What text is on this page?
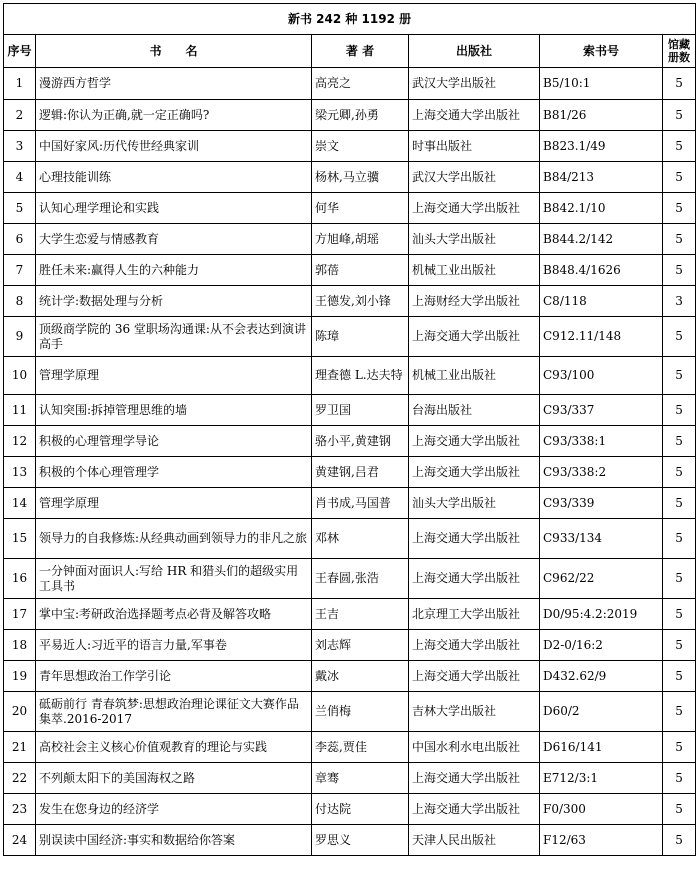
新书 242 种 1192 册					
序号	书　　名	著 者	出版社	索书号	馆藏册数
1	漫游西方哲学	高亮之	武汉大学出版社	B5/10:1	5
2	逻辑:你认为正确,就一定正确吗?	梁元卿,孙勇	上海交通大学出版社	B81/26	5
3	中国好家风:历代传世经典家训	崇文	时事出版社	B823.1/49	5
4	心理技能训练	杨林,马立骥	武汉大学出版社	B84/213	5
5	认知心理学理论和实践	何华	上海交通大学出版社	B842.1/10	5
6	大学生恋爱与情感教育	方旭峰,胡瑶	汕头大学出版社	B844.2/142	5
7	胜任未来:赢得人生的六种能力	郭蓓	机械工业出版社	B848.4/1626	5
8	统计学:数据处理与分析	王德发,刘小锋	上海财经大学出版社	C8/118	3
9	顶级商学院的 36 堂职场沟通课:从不会表达到演讲高手	陈璋	上海交通大学出版社	C912.11/148	5
10	管理学原理	理查德 L.达夫特	机械工业出版社	C93/100	5
11	认知突围:拆掉管理思维的墙	罗卫国	台海出版社	C93/337	5
12	积极的心理管理学导论	骆小平,黄建钢	上海交通大学出版社	C93/338:1	5
13	积极的个体心理管理学	黄建钢,吕君	上海交通大学出版社	C93/338:2	5
14	管理学原理	肖书成,马国普	汕头大学出版社	C93/339	5
15	领导力的自我修炼:从经典动画到领导力的非凡之旅	邓林	上海交通大学出版社	C933/134	5
16	一分钟面对面识人:写给 HR 和猎头们的超级实用工具书	王春圆,张浩	上海交通大学出版社	C962/22	5
17	掌中宝:考研政治选择题考点必背及解答攻略	王吉	北京理工大学出版社	D0/95:4.2:2019	5
18	平易近人:习近平的语言力量,军事卷	刘志辉	上海交通大学出版社	D2-0/16:2	5
19	青年思想政治工作学引论	戴冰	上海交通大学出版社	D432.62/9	5
20	砥砺前行 青春筑梦:思想政治理论课征文大赛作品集萃.2016-2017	兰俏梅	吉林大学出版社	D60/2	5
21	高校社会主义核心价值观教育的理论与实践	李蕊,贾佳	中国水利水电出版社	D616/141	5
22	不列颠太阳下的美国海权之路	章骞	上海交通大学出版社	E712/3:1	5
23	发生在您身边的经济学	付达院	上海交通大学出版社	F0/300	5
24	别误读中国经济:事实和数据给你答案	罗思义	天津人民出版社	F12/63	5
